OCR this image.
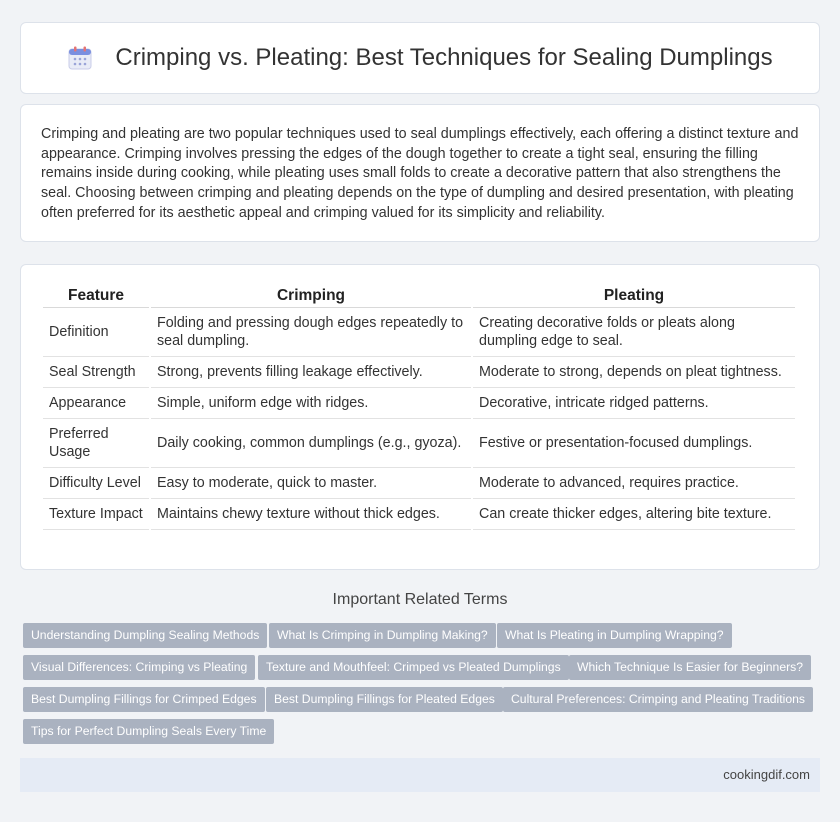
Crimping vs. Pleating: Best Techniques for Sealing Dumplings

Crimping and pleating are two popular techniques used to seal dumplings effectively, each offering a distinct texture and appearance. Crimping involves pressing the edges of the dough together to create a tight seal, ensuring the filling remains inside during cooking, while pleating uses small folds to create a decorative pattern that also strengthens the seal. Choosing between crimping and pleating depends on the type of dumpling and desired presentation, with pleating often preferred for its aesthetic appeal and crimping valued for its simplicity and reliability.

Feature	Crimping	Pleating
Definition	Folding and pressing dough edges repeatedly to seal dumpling.	Creating decorative folds or pleats along dumpling edge to seal.
Seal Strength	Strong, prevents filling leakage effectively.	Moderate to strong, depends on pleat tightness.
Appearance	Simple, uniform edge with ridges.	Decorative, intricate ridged patterns.
Preferred Usage	Daily cooking, common dumplings (e.g., gyoza).	Festive or presentation-focused dumplings.
Difficulty Level	Easy to moderate, quick to master.	Moderate to advanced, requires practice.
Texture Impact	Maintains chewy texture without thick edges.	Can create thicker edges, altering bite texture.
Important Related Terms
Understanding Dumpling Sealing Methods	What Is Crimping in Dumpling Making?	What Is Pleating in Dumpling Wrapping?
Visual Differences: Crimping vs Pleating	Texture and Mouthfeel: Crimped vs Pleated Dumplings	Which Technique Is Easier for Beginners?
Best Dumpling Fillings for Crimped Edges	Best Dumpling Fillings for Pleated Edges	Cultural Preferences: Crimping and Pleating Traditions
Tips for Perfect Dumpling Seals Every Time
cookingdif.com
